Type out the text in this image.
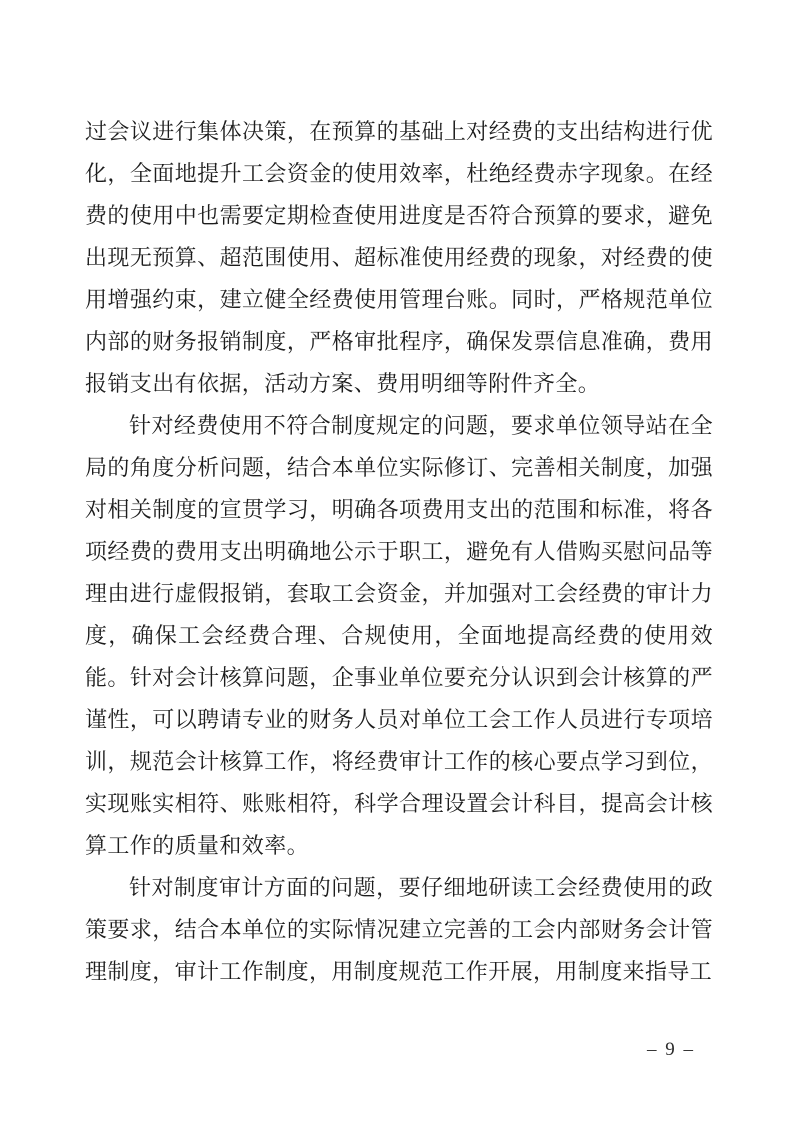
过会议进行集体决策，在预算的基础上对经费的支出结构进行优化，全面地提升工会资金的使用效率，杜绝经费赤字现象。在经费的使用中也需要定期检查使用进度是否符合预算的要求，避免出现无预算、超范围使用、超标准使用经费的现象，对经费的使用增强约束，建立健全经费使用管理台账。同时，严格规范单位内部的财务报销制度，严格审批程序，确保发票信息准确，费用报销支出有依据，活动方案、费用明细等附件齐全。

针对经费使用不符合制度规定的问题，要求单位领导站在全局的角度分析问题，结合本单位实际修订、完善相关制度，加强对相关制度的宣贯学习，明确各项费用支出的范围和标准，将各项经费的费用支出明确地公示于职工，避免有人借购买慰问品等理由进行虚假报销，套取工会资金，并加强对工会经费的审计力度，确保工会经费合理、合规使用，全面地提高经费的使用效能。针对会计核算问题，企事业单位要充分认识到会计核算的严谨性，可以聘请专业的财务人员对单位工会工作人员进行专项培训，规范会计核算工作，将经费审计工作的核心要点学习到位，实现账实相符、账账相符，科学合理设置会计科目，提高会计核算工作的质量和效率。

针对制度审计方面的问题，要仔细地研读工会经费使用的政策要求，结合本单位的实际情况建立完善的工会内部财务会计管理制度，审计工作制度，用制度规范工作开展，用制度来指导工

– 9 –
